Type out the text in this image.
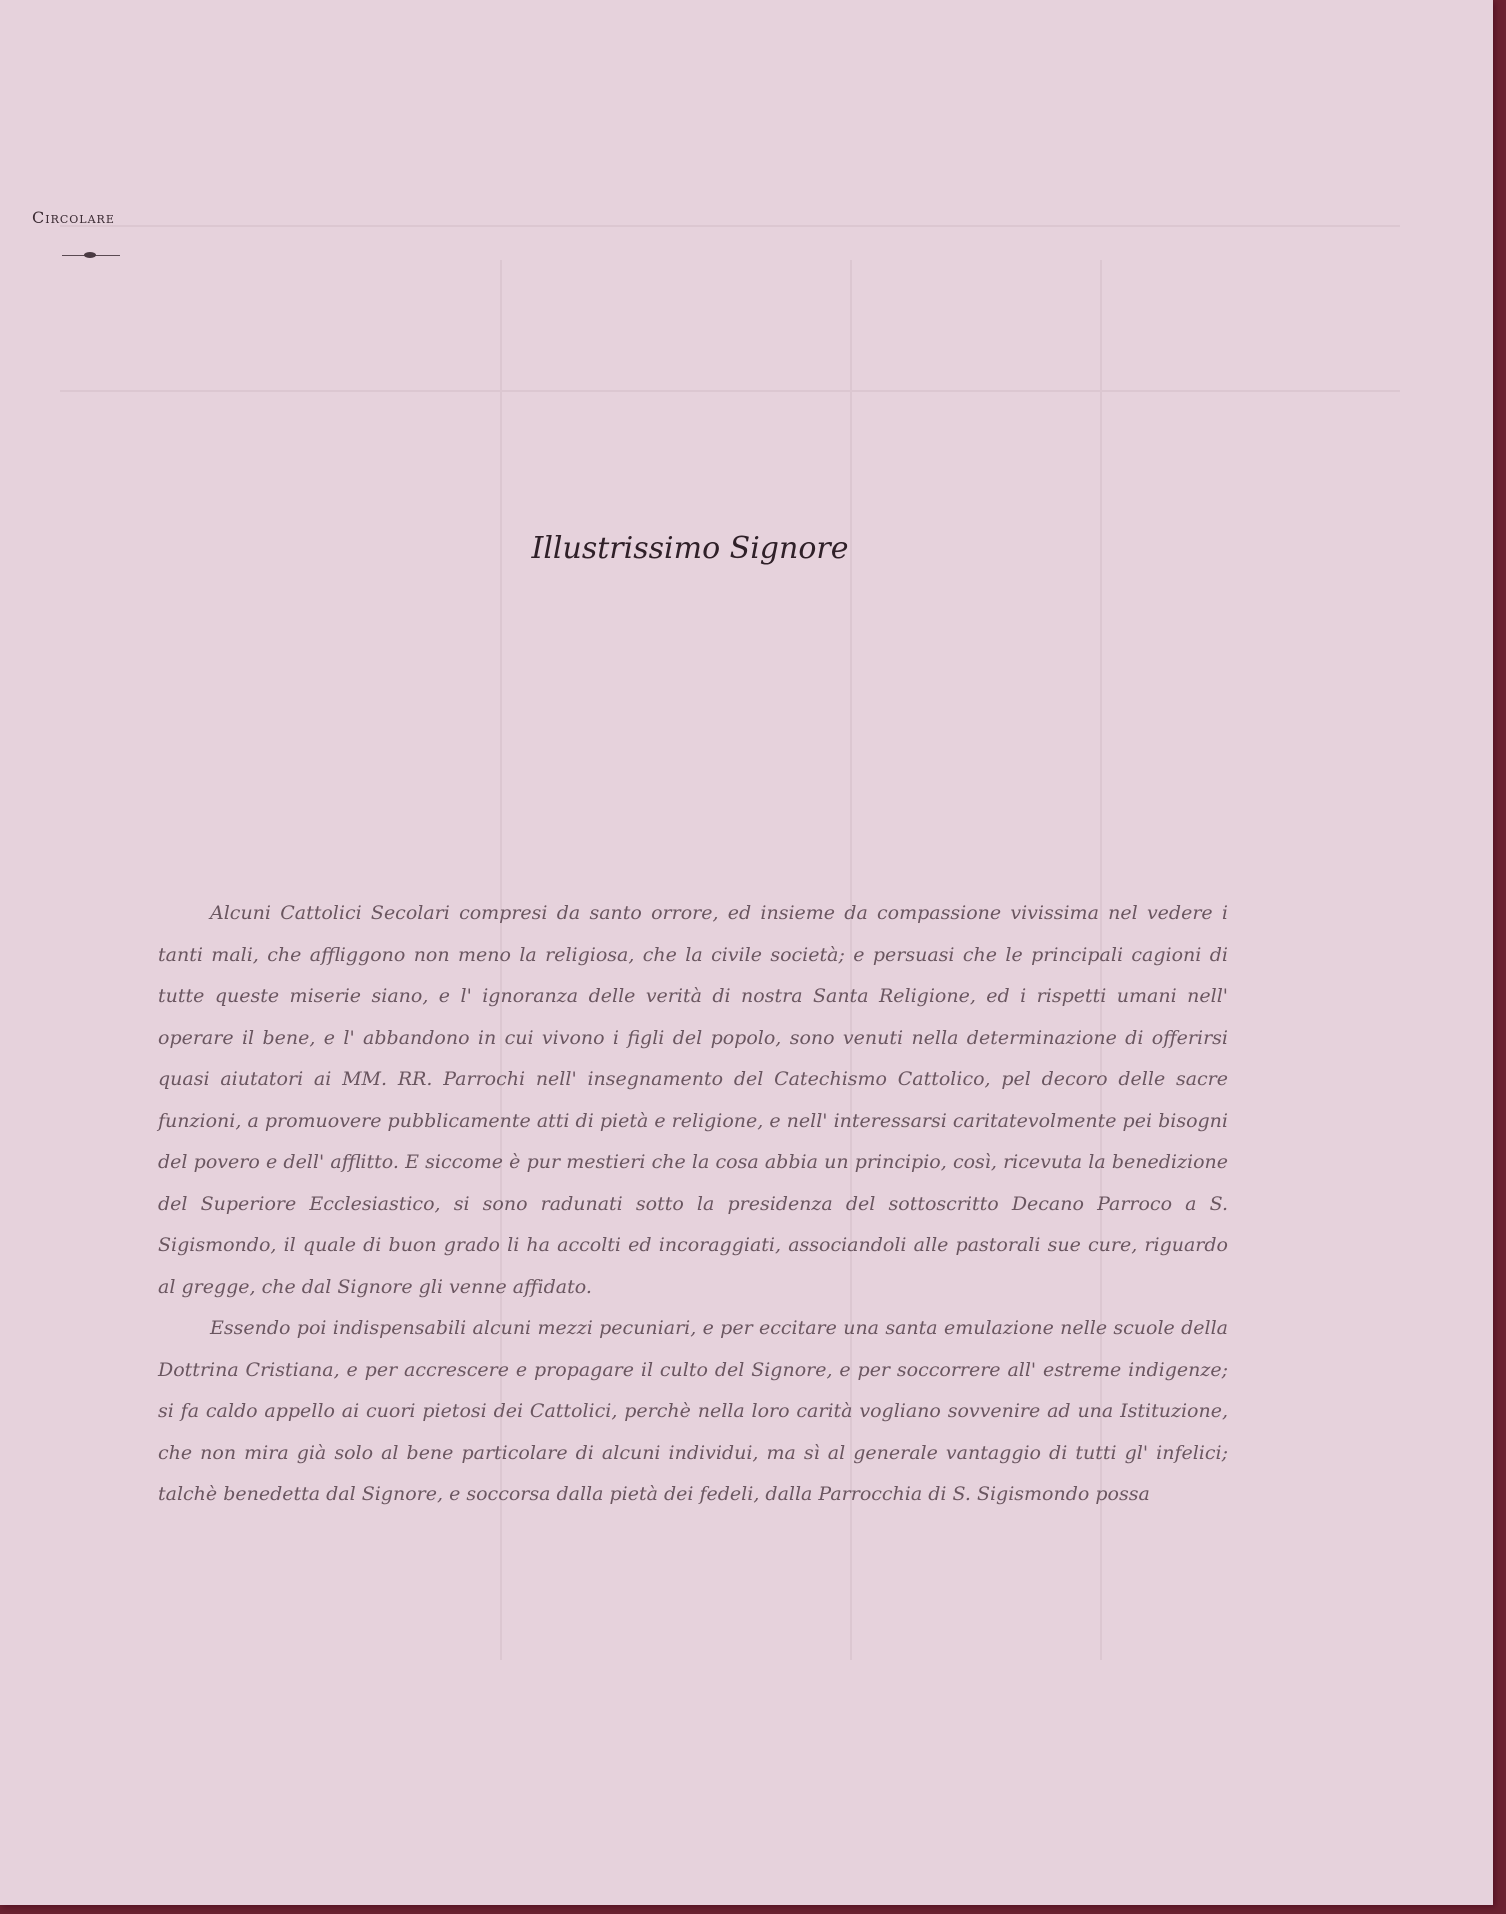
Circolare
Illustrissimo Signore

Alcuni Cattolici Secolari compresi da santo orrore, ed insieme da compassione vivissima nel vedere i tanti mali, che affliggono non meno la religiosa, che la civile società; e persuasi che le principali cagioni di tutte queste miserie siano, e l' ignoranza delle verità di nostra Santa Religione, ed i rispetti umani nell' operare il bene, e l' abbandono in cui vivono i figli del popolo, sono venuti nella determinazione di offerirsi quasi aiutatori ai MM. RR. Parrochi nell' insegnamento del Catechismo Cattolico, pel decoro delle sacre funzioni, a promuovere pubblicamente atti di pietà e religione, e nell' interessarsi caritatevolmente pei bisogni del povero e dell' afflitto. E siccome è pur mestieri che la cosa abbia un principio, così, ricevuta la benedizione del Superiore Ecclesiastico, si sono radunati sotto la presidenza del sottoscritto Decano Parroco a S. Sigismondo, il quale di buon grado li ha accolti ed incoraggiati, associandoli alle pastorali sue cure, riguardo al gregge, che dal Signore gli venne affidato.

Essendo poi indispensabili alcuni mezzi pecuniari, e per eccitare una santa emulazione nelle scuole della Dottrina Cristiana, e per accrescere e propagare il culto del Signore, e per soccorrere all' estreme indigenze; si fa caldo appello ai cuori pietosi dei Cattolici, perchè nella loro carità vogliano sovvenire ad una Istituzione, che non mira già solo al bene particolare di alcuni individui, ma sì al generale vantaggio di tutti gl' infelici; talchè benedetta dal Signore, e soccorsa dalla pietà dei fedeli, dalla Parrocchia di S. Sigismondo possa
